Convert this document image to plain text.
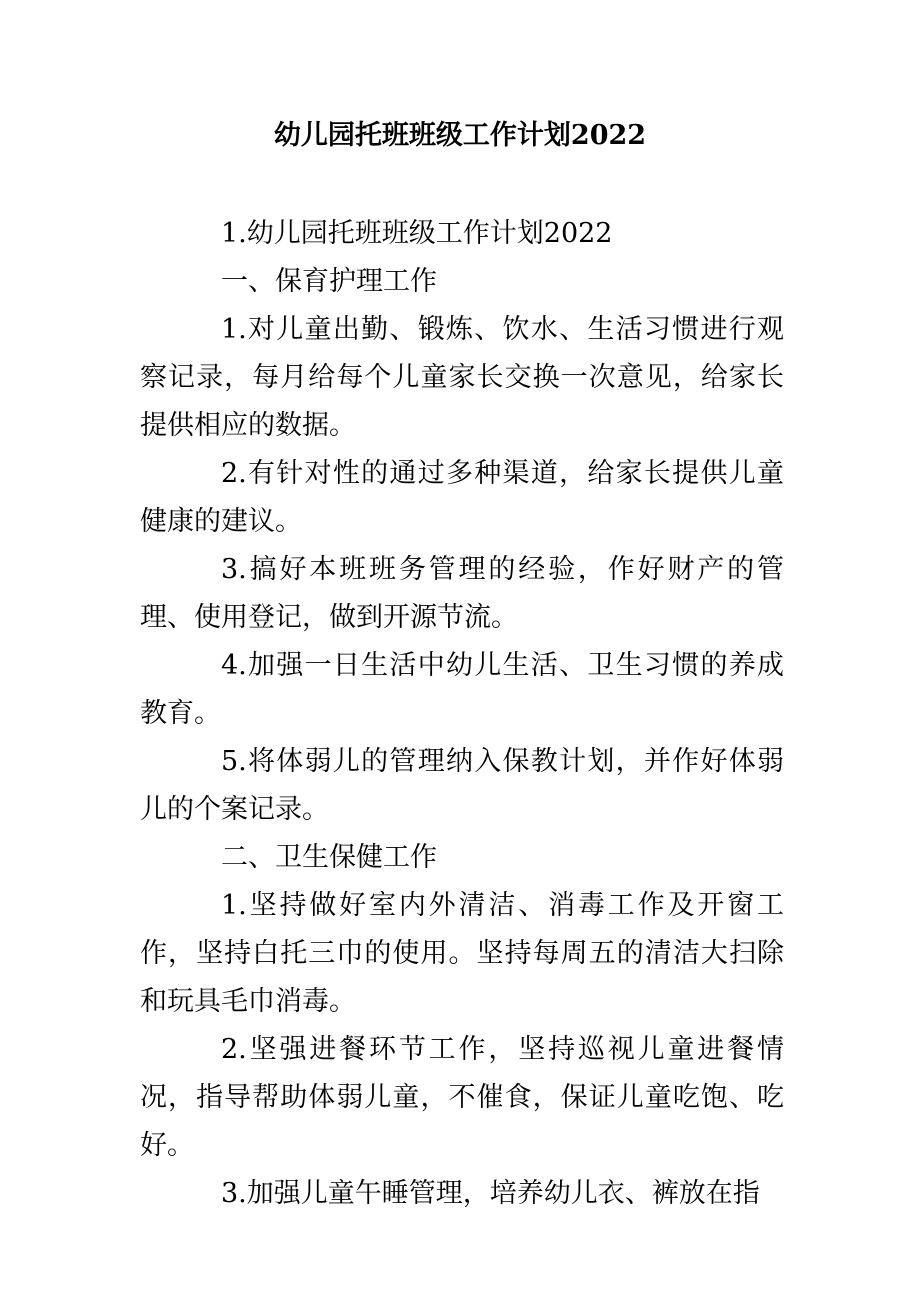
幼儿园托班班级工作计划2022

1.幼儿园托班班级工作计划2022

一、保育护理工作

1.对儿童出勤、锻炼、饮水、生活习惯进行观察记录，每月给每个儿童家长交换一次意见，给家长提供相应的数据。

2.有针对性的通过多种渠道，给家长提供儿童健康的建议。

3.搞好本班班务管理的经验，作好财产的管理、使用登记，做到开源节流。

4.加强一日生活中幼儿生活、卫生习惯的养成教育。

5.将体弱儿的管理纳入保教计划，并作好体弱儿的个案记录。

二、卫生保健工作

1.坚持做好室内外清洁、消毒工作及开窗工作，坚持白托三巾的使用。坚持每周五的清洁大扫除和玩具毛巾消毒。

2.坚强进餐环节工作，坚持巡视儿童进餐情况，指导帮助体弱儿童，不催食，保证儿童吃饱、吃好。

3.加强儿童午睡管理，培养幼儿衣、裤放在指
